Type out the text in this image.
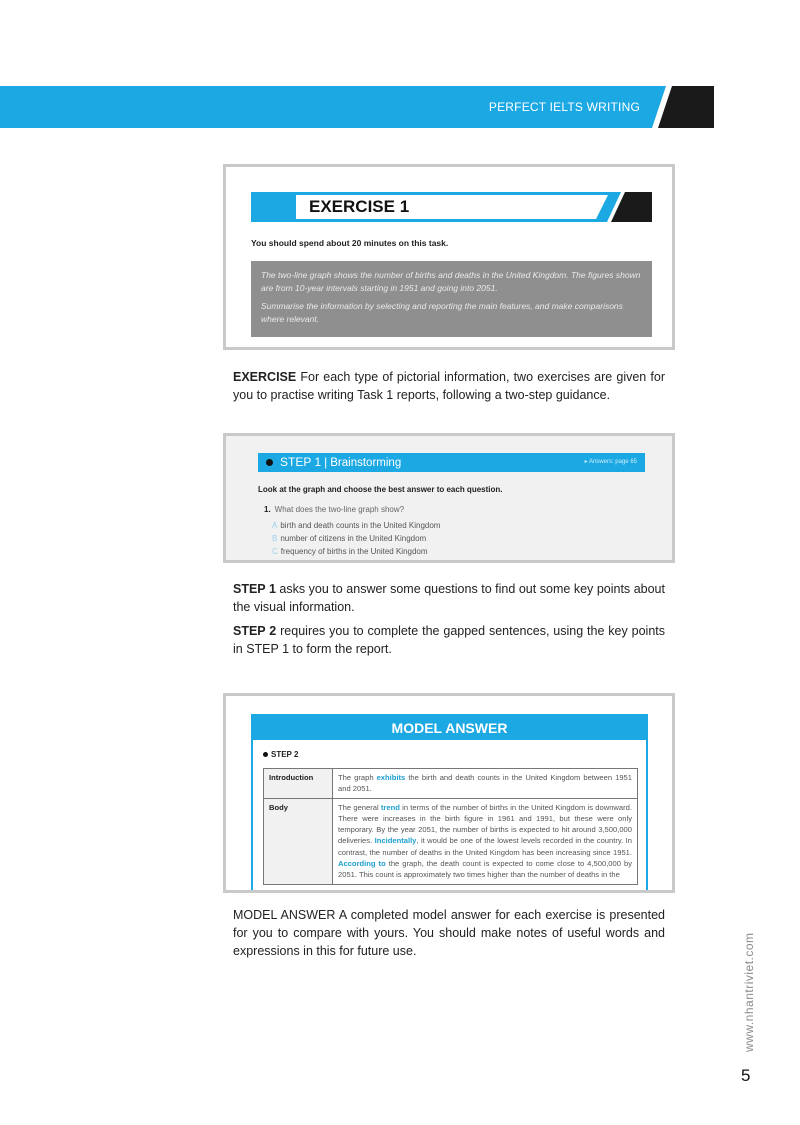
PERFECT IELTS WRITING
EXERCISE 1
You should spend about 20 minutes on this task.

The two-line graph shows the number of births and deaths in the United Kingdom. The figures shown are from 10-year intervals starting in 1951 and going into 2051.

Summarise the information by selecting and reporting the main features, and make comparisons where relevant.

EXERCISE For each type of pictorial information, two exercises are given for you to practise writing Task 1 reports, following a two-step guidance.
STEP 1 | Brainstorming	▸ Answers: page 65
Look at the graph and choose the best answer to each question.
1. What does the two-line graph show?
A birth and death counts in the United Kingdom
B number of citizens in the United Kingdom
C frequency of births in the United Kingdom
STEP 1 asks you to answer some questions to find out some key points about the visual information.
STEP 2 requires you to complete the gapped sentences, using the key points in STEP 1 to form the report.
MODEL ANSWER
STEP 2
Introduction	The graph exhibits the birth and death counts in the United Kingdom between 1951 and 2051.
Body	The general trend in terms of the number of births in the United Kingdom is downward. There were increases in the birth figure in 1961 and 1991, but these were only temporary. By the year 2051, the number of births is expected to hit around 3,500,000 deliveries. Incidentally, it would be one of the lowest levels recorded in the country. In contrast, the number of deaths in the United Kingdom has been increasing since 1951. According to the graph, the death count is expected to come close to 4,500,000 by 2051. This count is approximately two times higher than the number of deaths in the
MODEL ANSWER A completed model answer for each exercise is presented for you to compare with yours. You should make notes of useful words and expressions in this for future use.	www.nhantriviet.com
5
